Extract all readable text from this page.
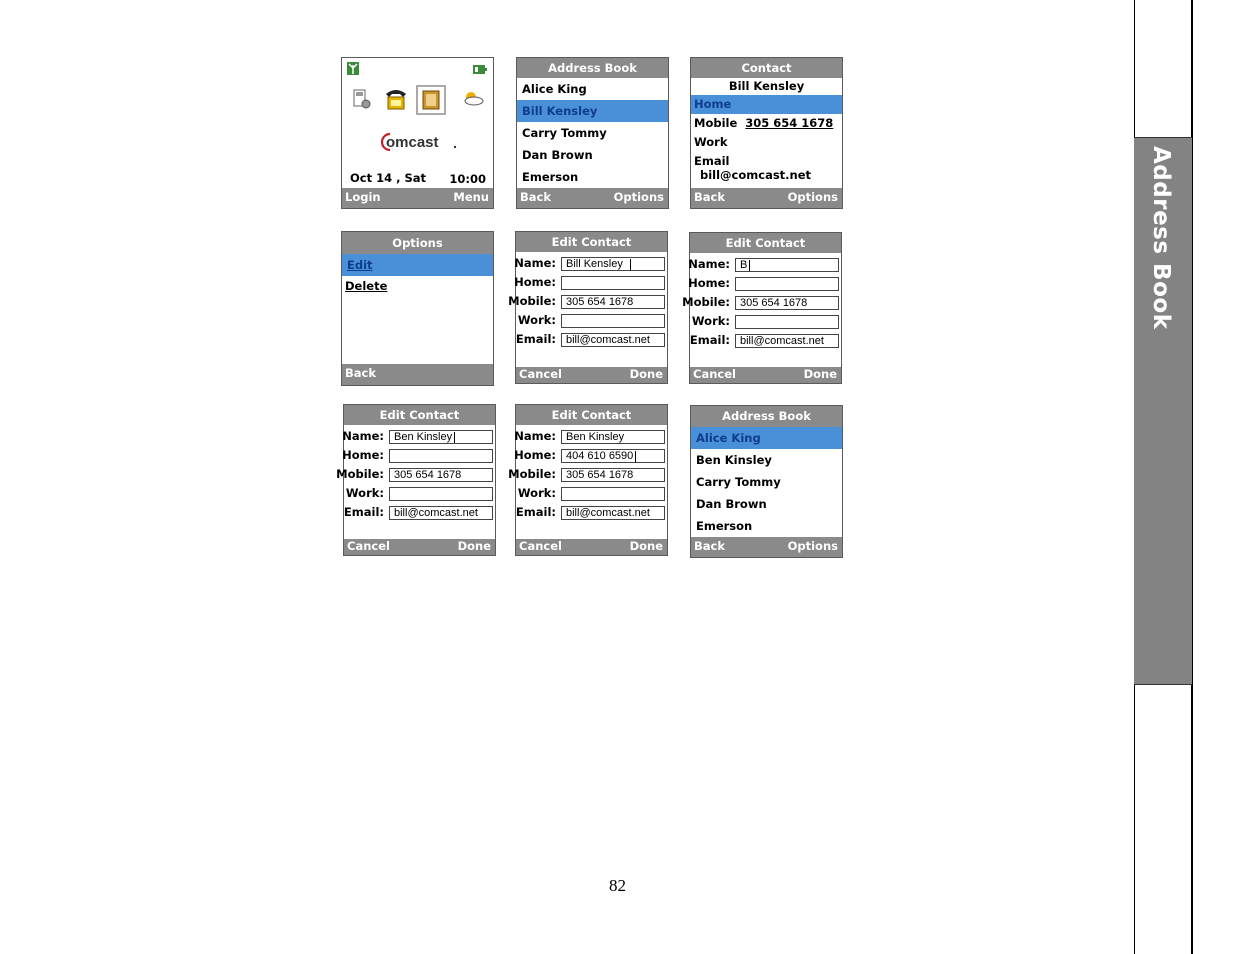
omcast
Oct 14 , Sat 10:00
Login	Menu
Address Book
Alice King
Bill Kensley
Carry Tommy
Dan Brown
Emerson
Back	Options
Contact
Bill Kensley
Home
Mobile 305 654 1678
Work
Email bill@comcast.net
Back	Options
Options
Edit
Delete
Back
Edit Contact
Name: Bill Kensley
Home:
Mobile: 305 654 1678
Work:
Email: bill@comcast.net
Cancel	Done
Edit Contact
Name: B
Home:
Mobile: 305 654 1678
Work:
Email: bill@comcast.net
Cancel	Done
Edit Contact
Name: Ben Kinsley
Home:
Mobile: 305 654 1678
Work:
Email: bill@comcast.net
Cancel	Done
Edit Contact
Name: Ben Kinsley
Home: 404 610 6590
Mobile: 305 654 1678
Work:
Email: bill@comcast.net
Cancel	Done
Address Book
Alice King
Ben Kinsley
Carry Tommy
Dan Brown
Emerson
Back	Options
82
Address Book
